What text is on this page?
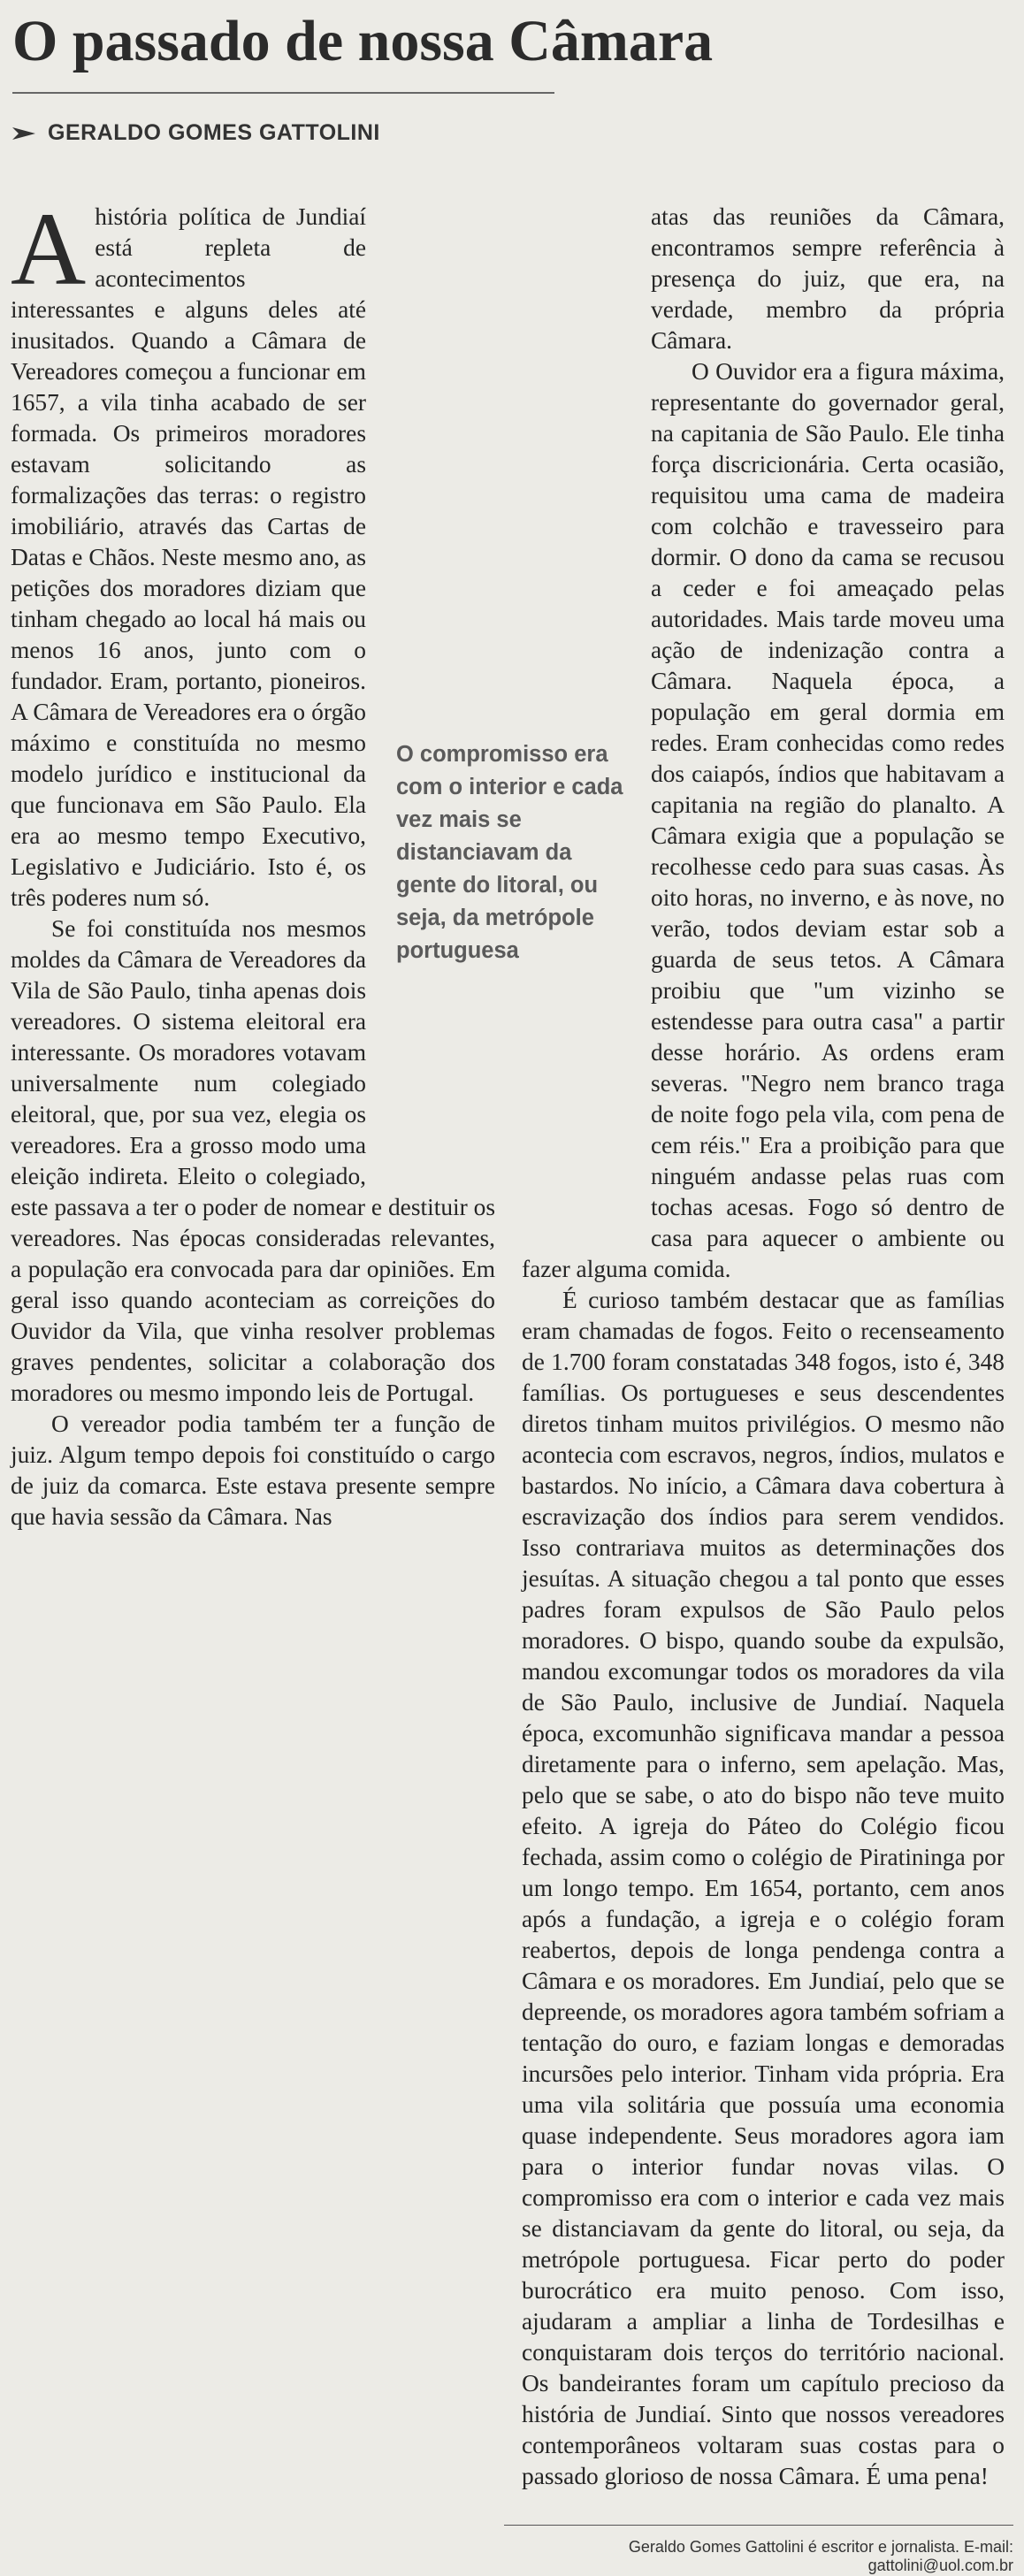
O passado de nossa Câmara
GERALDO GOMES GATTOLINI

Ahistória política de Jundiaí está repleta de acontecimentos interessantes e alguns deles até inusitados. Quando a Câmara de Vereadores começou a funcionar em 1657, a vila tinha acabado de ser formada. Os primeiros moradores estavam solicitando as formalizações das terras: o registro imobiliário, através das Cartas de Datas e Chãos. Neste mesmo ano, as petições dos moradores diziam que tinham chegado ao local há mais ou menos 16 anos, junto com o fundador. Eram, portanto, pioneiros. A Câmara de Vereadores era o órgão máximo e constituída no mesmo modelo jurídico e institucional da que funcionava em São Paulo. Ela era ao mesmo tempo Executivo, Legislativo e Judiciário. Isto é, os três poderes num só.

Se foi constituída nos mesmos moldes da Câmara de Vereadores da Vila de São Paulo, tinha apenas dois vereadores. O sistema eleitoral era interessante. Os moradores votavam universalmente num colegiado eleitoral, que, por sua vez, elegia os vereadores. Era a grosso modo uma eleição indireta. Eleito o colegiado, este passava a ter o poder de nomear e destituir os vereadores. Nas épocas consideradas relevantes, a população era convocada para dar opiniões. Em geral isso quando aconteciam as correições do Ouvidor da Vila, que vinha resolver problemas graves pendentes, solicitar a colaboração dos moradores ou mesmo impondo leis de Portugal.

O vereador podia também ter a função de juiz. Algum tempo depois foi constituído o cargo de juiz da comarca. Este estava presente sempre que havia sessão da Câmara. Nas

atas das reuniões da Câmara, encontramos sempre referência à presença do juiz, que era, na verdade, membro da própria Câmara.

O Ouvidor era a figura máxima, representante do governador geral, na capitania de São Paulo. Ele tinha força discricionária. Certa ocasião, requisitou uma cama de madeira com colchão e travesseiro para dormir. O dono da cama se recusou a ceder e foi ameaçado pelas autoridades. Mais tarde moveu uma ação de indenização contra a Câmara. Naquela época, a população em geral dormia em redes. Eram conhecidas como redes dos caiapós, índios que habitavam a capitania na região do planalto. A Câmara exigia que a população se recolhesse cedo para suas casas. Às oito horas, no inverno, e às nove, no verão, todos deviam estar sob a guarda de seus tetos. A Câmara proibiu que "um vizinho se estendesse para outra casa" a partir desse horário. As ordens eram severas. "Negro nem branco traga de noite fogo pela vila, com pena de cem réis." Era a proibição para que ninguém andasse pelas ruas com tochas acesas. Fogo só dentro de casa para aquecer o ambiente ou fazer alguma comida.

É curioso também destacar que as famílias eram chamadas de fogos. Feito o recenseamento de 1.700 foram constatadas 348 fogos, isto é, 348 famílias. Os portugueses e seus descendentes diretos tinham muitos privilégios. O mesmo não acontecia com escravos, negros, índios, mulatos e bastardos. No início, a Câmara dava cobertura à escravização dos índios para serem vendidos. Isso contrariava muitos as determinações dos jesuítas. A situação chegou a tal ponto que esses padres foram expulsos de São Paulo pelos moradores. O bispo, quando soube da expulsão, mandou excomungar todos os moradores da vila de São Paulo, inclusive de Jundiaí. Naquela época, excomunhão significava mandar a pessoa diretamente para o inferno, sem apelação. Mas, pelo que se sabe, o ato do bispo não teve muito efeito. A igreja do Páteo do Colégio ficou fechada, assim como o colégio de Piratininga por um longo tempo. Em 1654, portanto, cem anos após a fundação, a igreja e o colégio foram reabertos, depois de longa pendenga contra a Câmara e os moradores. Em Jundiaí, pelo que se depreende, os moradores agora também sofriam a tentação do ouro, e faziam longas e demoradas incursões pelo interior. Tinham vida própria. Era uma vila solitária que possuía uma economia quase independente. Seus moradores agora iam para o interior fundar novas vilas. O compromisso era com o interior e cada vez mais se distanciavam da gente do litoral, ou seja, da metrópole portuguesa. Ficar perto do poder burocrático era muito penoso. Com isso, ajudaram a ampliar a linha de Tordesilhas e conquistaram dois terços do território nacional. Os bandeirantes foram um capítulo precioso da história de Jundiaí. Sinto que nossos vereadores contemporâneos voltaram suas costas para o passado glorioso de nossa Câmara. É uma pena!

O compromisso era com o interior e cada vez mais se distanciavam da gente do litoral, ou seja, da metrópole portuguesa
Geraldo Gomes Gattolini é escritor e jornalista. E-mail: gattolini@uol.com.br
